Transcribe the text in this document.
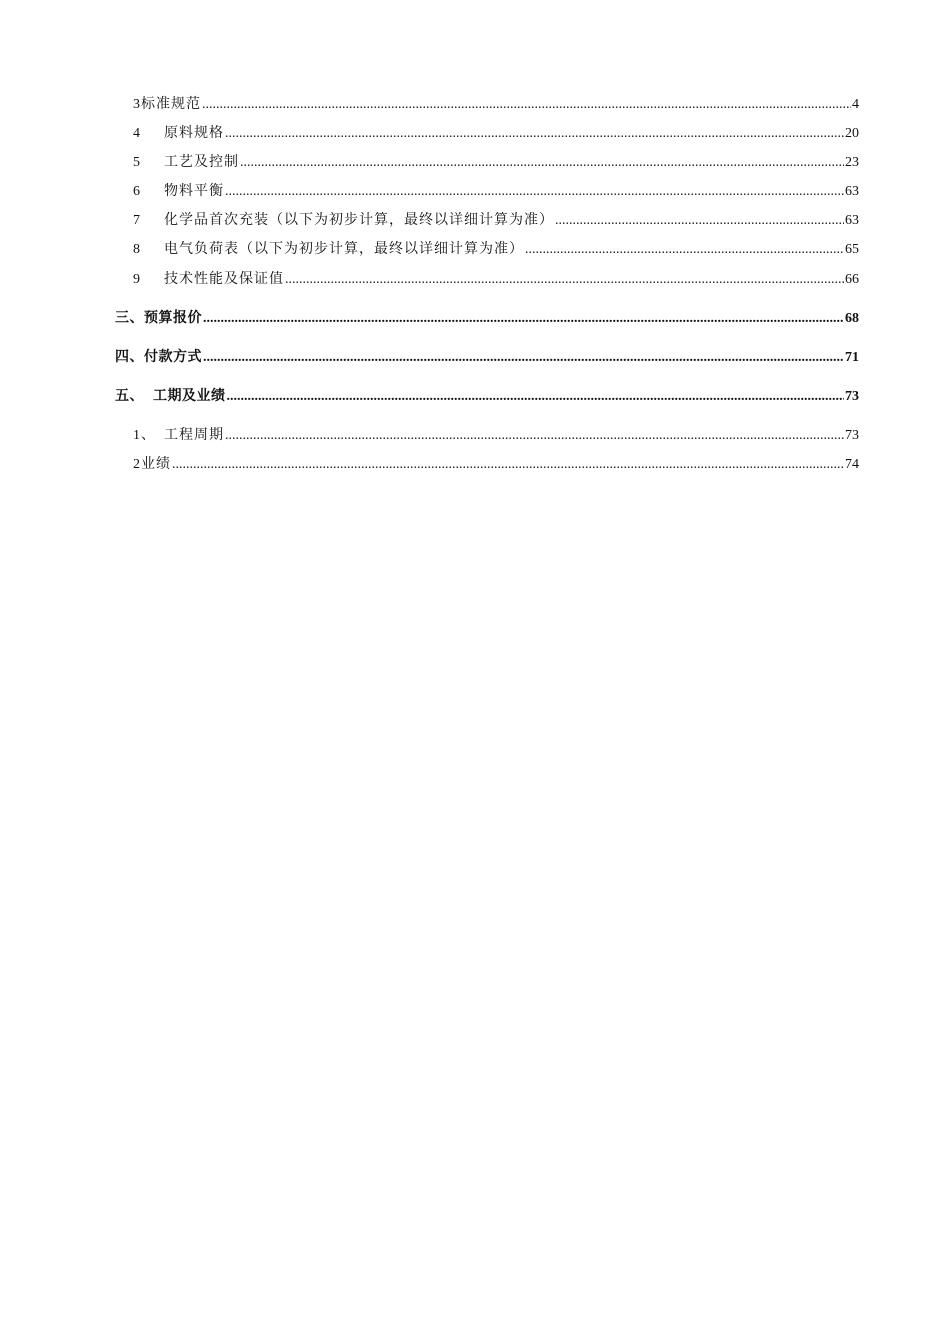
3 标准规范 .....	4
4	原料规格 .....	20
5	工艺及控制 .....	23
6	物料平衡 .....	63
7	化学品首次充装（以下为初步计算，最终以详细计算为准） .....	63
8	电气负荷表（以下为初步计算，最终以详细计算为准） .....	65
9	技术性能及保证值 .....	66
三、 预算报价 .....	68
四、 付款方式 .....	71
五、 工期及业绩 .....	73
1、 工程周期 .....	73
2 业绩 .....	74
